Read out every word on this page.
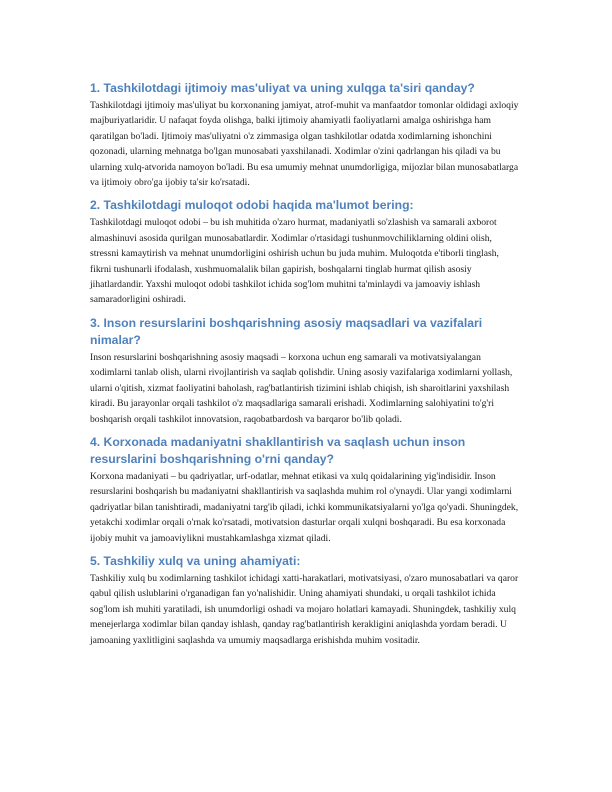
1. Tashkilotdagi ijtimoiy mas'uliyat va uning xulqga ta'siri qanday?

Tashkilotdagi ijtimoiy mas'uliyat bu korxonaning jamiyat, atrof-muhit va manfaatdor tomonlar oldidagi axloqiy majburiyatlaridir. U nafaqat foyda olishga, balki ijtimoiy ahamiyatli faoliyatlarni amalga oshirishga ham qaratilgan bo'ladi. Ijtimoiy mas'uliyatni o'z zimmasiga olgan tashkilotlar odatda xodimlarning ishonchini qozonadi, ularning mehnatga bo'lgan munosabati yaxshilanadi. Xodimlar o'zini qadrlangan his qiladi va bu ularning xulq-atvorida namoyon bo'ladi. Bu esa umumiy mehnat unumdorligiga, mijozlar bilan munosabatlarga va ijtimoiy obro'ga ijobiy ta'sir ko'rsatadi.

2. Tashkilotdagi muloqot odobi haqida ma'lumot bering:

Tashkilotdagi muloqot odobi – bu ish muhitida o'zaro hurmat, madaniyatli so'zlashish va samarali axborot almashinuvi asosida qurilgan munosabatlardir. Xodimlar o'rtasidagi tushunmovchiliklarning oldini olish, stressni kamaytirish va mehnat unumdorligini oshirish uchun bu juda muhim. Muloqotda e'tiborli tinglash, fikrni tushunarli ifodalash, xushmuomalalik bilan gapirish, boshqalarni tinglab hurmat qilish asosiy jihatlardandir. Yaxshi muloqot odobi tashkilot ichida sog'lom muhitni ta'minlaydi va jamoaviy ishlash samaradorligini oshiradi.

3. Inson resurslarini boshqarishning asosiy maqsadlari va vazifalari nimalar?

Inson resurslarini boshqarishning asosiy maqsadi – korxona uchun eng samarali va motivatsiyalangan xodimlarni tanlab olish, ularni rivojlantirish va saqlab qolishdir. Uning asosiy vazifalariga xodimlarni yollash, ularni o'qitish, xizmat faoliyatini baholash, rag'batlantirish tizimini ishlab chiqish, ish sharoitlarini yaxshilash kiradi. Bu jarayonlar orqali tashkilot o'z maqsadlariga samarali erishadi. Xodimlarning salohiyatini to'g'ri boshqarish orqali tashkilot innovatsion, raqobatbardosh va barqaror bo'lib qoladi.

4. Korxonada madaniyatni shakllantirish va saqlash uchun inson resurslarini boshqarishning o'rni qanday?

Korxona madaniyati – bu qadriyatlar, urf-odatlar, mehnat etikasi va xulq qoidalarining yig'indisidir. Inson resurslarini boshqarish bu madaniyatni shakllantirish va saqlashda muhim rol o'ynaydi. Ular yangi xodimlarni qadriyatlar bilan tanishtiradi, madaniyatni targ'ib qiladi, ichki kommunikatsiyalarni yo'lga qo'yadi. Shuningdek, yetakchi xodimlar orqali o'rnak ko'rsatadi, motivatsion dasturlar orqali xulqni boshqaradi. Bu esa korxonada ijobiy muhit va jamoaviylikni mustahkamlashga xizmat qiladi.

5. Tashkiliy xulq va uning ahamiyati:

Tashkiliy xulq bu xodimlarning tashkilot ichidagi xatti-harakatlari, motivatsiyasi, o'zaro munosabatlari va qaror qabul qilish uslublarini o'rganadigan fan yo'nalishidir. Uning ahamiyati shundaki, u orqali tashkilot ichida sog'lom ish muhiti yaratiladi, ish unumdorligi oshadi va mojaro holatlari kamayadi. Shuningdek, tashkiliy xulq menejerlarga xodimlar bilan qanday ishlash, qanday rag'batlantirish kerakligini aniqlashda yordam beradi. U jamoaning yaxlitligini saqlashda va umumiy maqsadlarga erishishda muhim vositadir.
